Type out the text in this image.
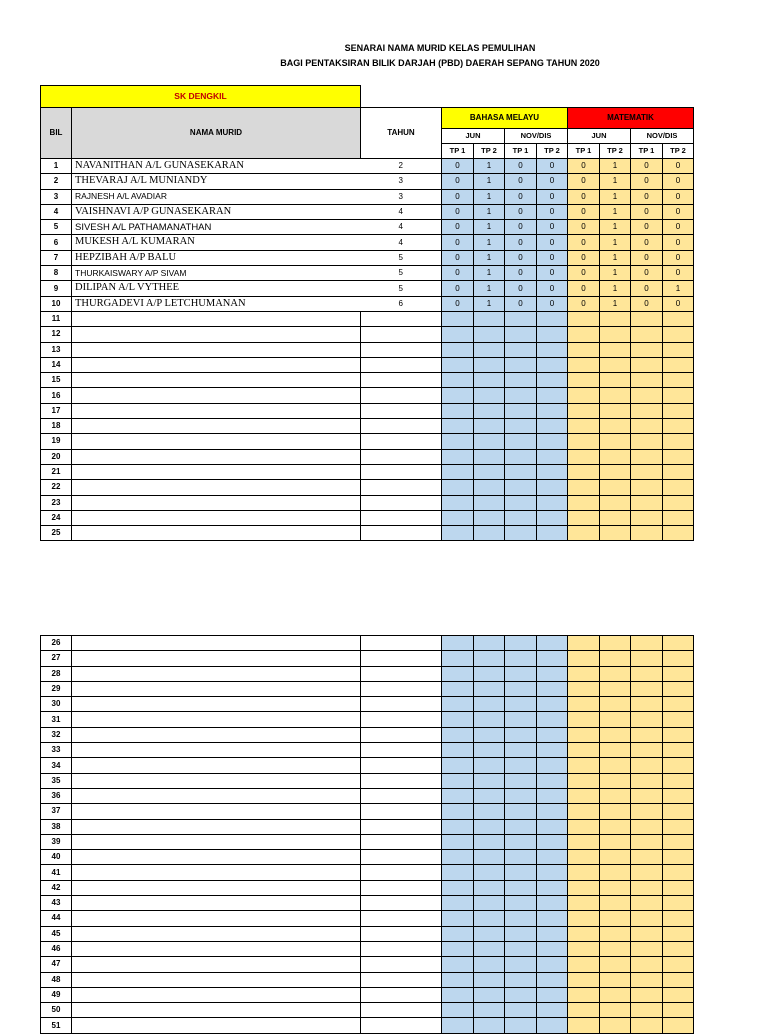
SENARAI NAMA MURID KELAS PEMULIHAN
BAGI PENTAKSIRAN BILIK DARJAH (PBD) DAERAH SEPANG TAHUN 2020
SK DENGKIL										
BIL	NAMA MURID	TAHUN	BAHASA MELAYU				MATEMATIK			
			JUN		NOV/DIS		JUN		NOV/DIS	
			TP 1	TP 2	TP 1	TP 2	TP 1	TP 2	TP 1	TP 2
1	NAVANITHAN A/L GUNASEKARAN	2	0	1	0	0	0	1	0	0
2	THEVARAJ A/L MUNIANDY	3	0	1	0	0	0	1	0	0
3	RAJNESH A/L AVADIAR	3	0	1	0	0	0	1	0	0
4	VAISHNAVI A/P GUNASEKARAN	4	0	1	0	0	0	1	0	0
5	SIVESH A/L PATHAMANATHAN	4	0	1	0	0	0	1	0	0
6	MUKESH A/L KUMARAN	4	0	1	0	0	0	1	0	0
7	HEPZIBAH A/P BALU	5	0	1	0	0	0	1	0	0
8	THURKAISWARY A/P SIVAM	5	0	1	0	0	0	1	0	0
9	DILIPAN A/L VYTHEE	5	0	1	0	0	0	1	0	1
10	THURGADEVI A/P LETCHUMANAN	6	0	1	0	0	0	1	0	0
11										
12										
13										
14										
15										
16										
17										
18										
19										
20										
21										
22										
23										
24										
25										
26										
27										
28										
29										
30										
31										
32										
33										
34										
35										
36										
37										
38										
39										
40										
41										
42										
43										
44										
45										
46										
47										
48										
49										
50										
51										
